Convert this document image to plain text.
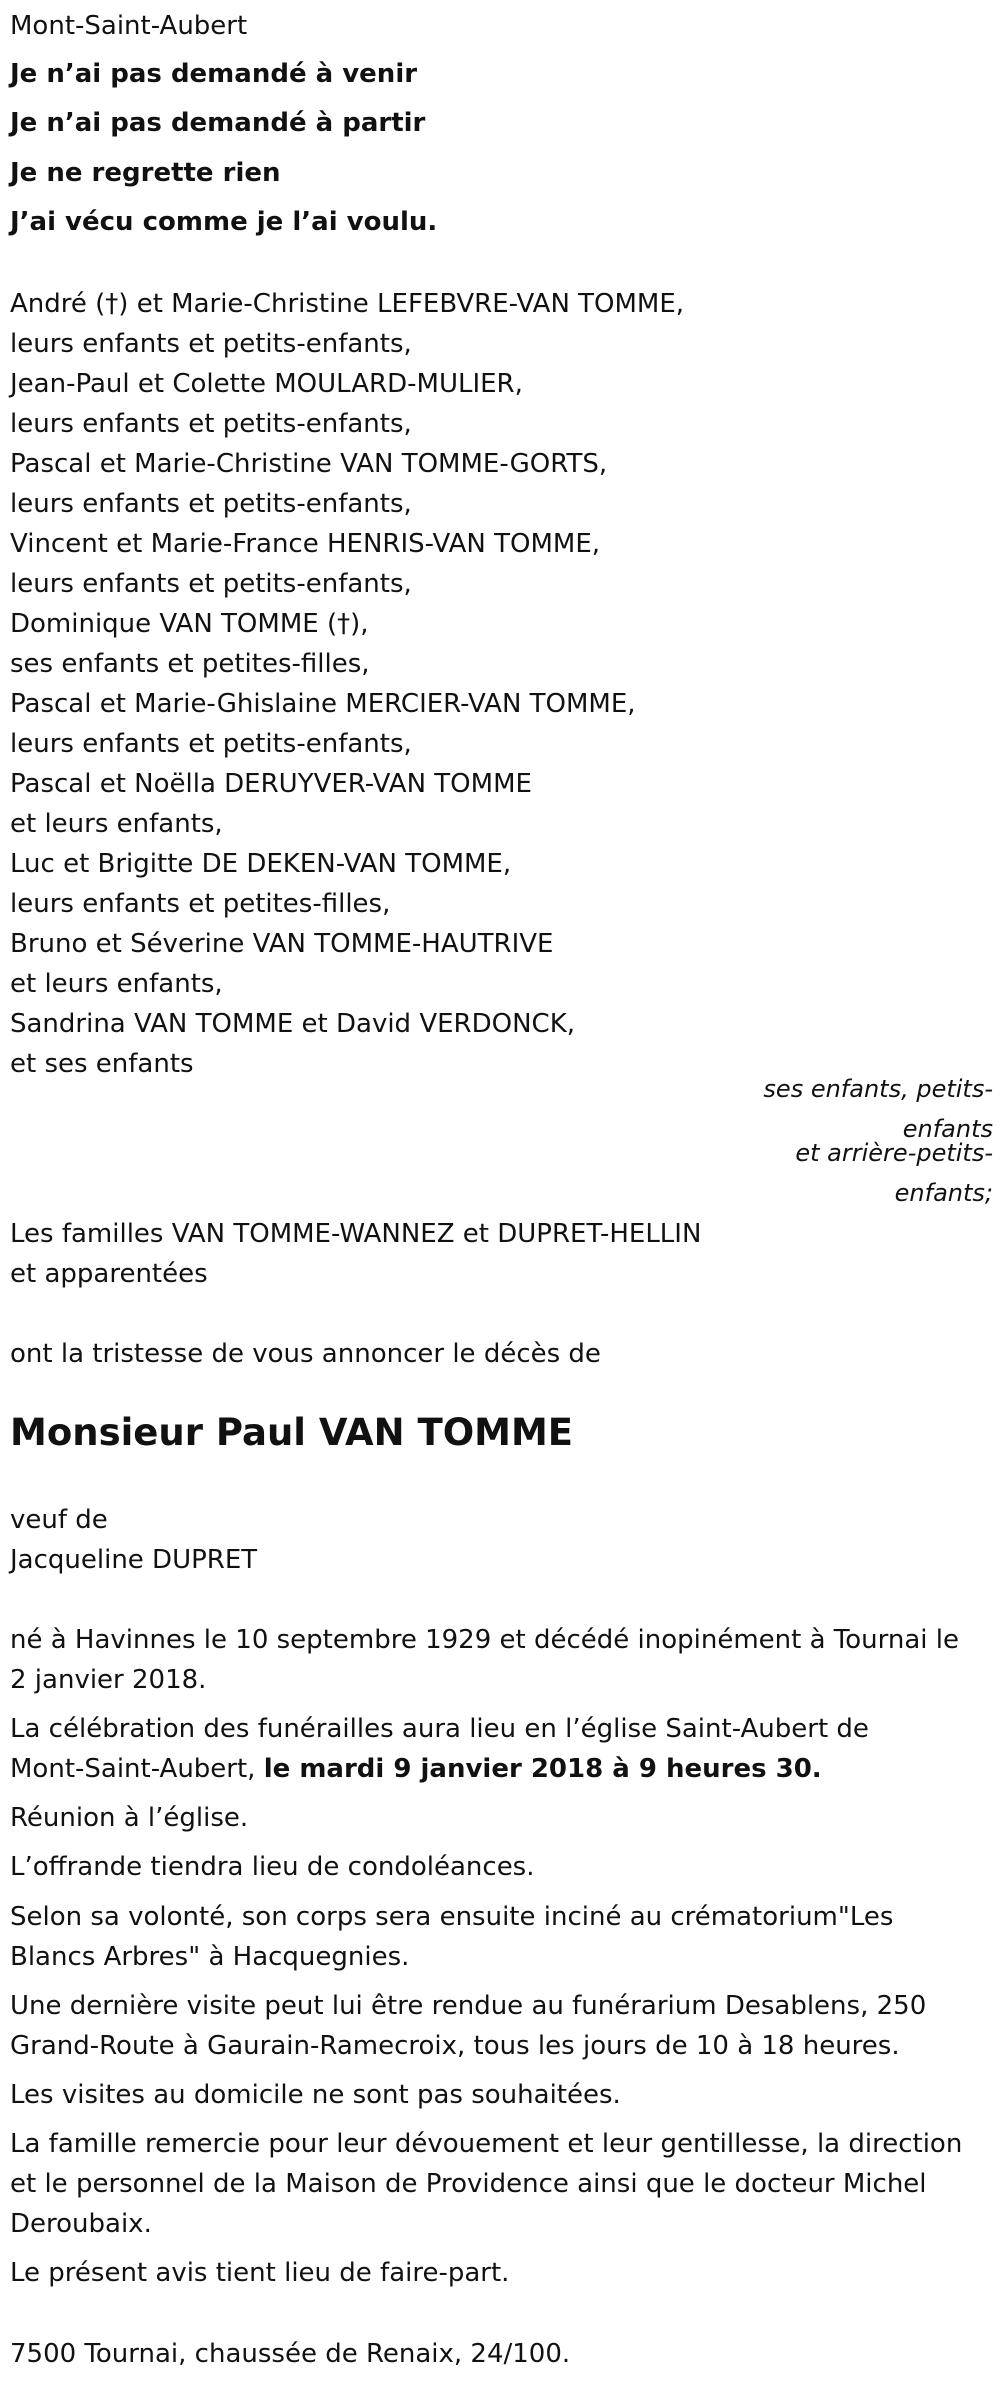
Mont-Saint-Aubert

Je n’ai pas demandé à venir

Je n’ai pas demandé à partir

Je ne regrette rien

J’ai vécu comme je l’ai voulu.

André (†) et Marie-Christine LEFEBVRE-VAN TOMME,

leurs enfants et petits-enfants,

Jean-Paul et Colette MOULARD-MULIER,

leurs enfants et petits-enfants,

Pascal et Marie-Christine VAN TOMME-GORTS,

leurs enfants et petits-enfants,

Vincent et Marie-France HENRIS-VAN TOMME,

leurs enfants et petits-enfants,

Dominique VAN TOMME (†),

ses enfants et petites-filles,

Pascal et Marie-Ghislaine MERCIER-VAN TOMME,

leurs enfants et petits-enfants,

Pascal et Noëlla DERUYVER-VAN TOMME

et leurs enfants,

Luc et Brigitte DE DEKEN-VAN TOMME,

leurs enfants et petites-filles,

Bruno et Séverine VAN TOMME-HAUTRIVE

et leurs enfants,

Sandrina VAN TOMME et David VERDONCK,

et ses enfants

ses enfants, petits-

enfants

et arrière-petits-

enfants;

Les familles VAN TOMME-WANNEZ et DUPRET-HELLIN

et apparentées

ont la tristesse de vous annoncer le décès de

Monsieur Paul VAN TOMME

veuf de

Jacqueline DUPRET

né à Havinnes le 10 septembre 1929 et décédé inopinément à Tournai le

2 janvier 2018.

La célébration des funérailles aura lieu en l’église Saint-Aubert de

Mont-Saint-Aubert, le mardi 9 janvier 2018 à 9 heures 30.

Réunion à l’église.

L’offrande tiendra lieu de condoléances.

Selon sa volonté, son corps sera ensuite inciné au crématorium"Les

Blancs Arbres" à Hacquegnies.

Une dernière visite peut lui être rendue au funérarium Desablens, 250

Grand-Route à Gaurain-Ramecroix, tous les jours de 10 à 18 heures.

Les visites au domicile ne sont pas souhaitées.

La famille remercie pour leur dévouement et leur gentillesse, la direction

et le personnel de la Maison de Providence ainsi que le docteur Michel

Deroubaix.

Le présent avis tient lieu de faire-part.

7500 Tournai, chaussée de Renaix, 24/100.
